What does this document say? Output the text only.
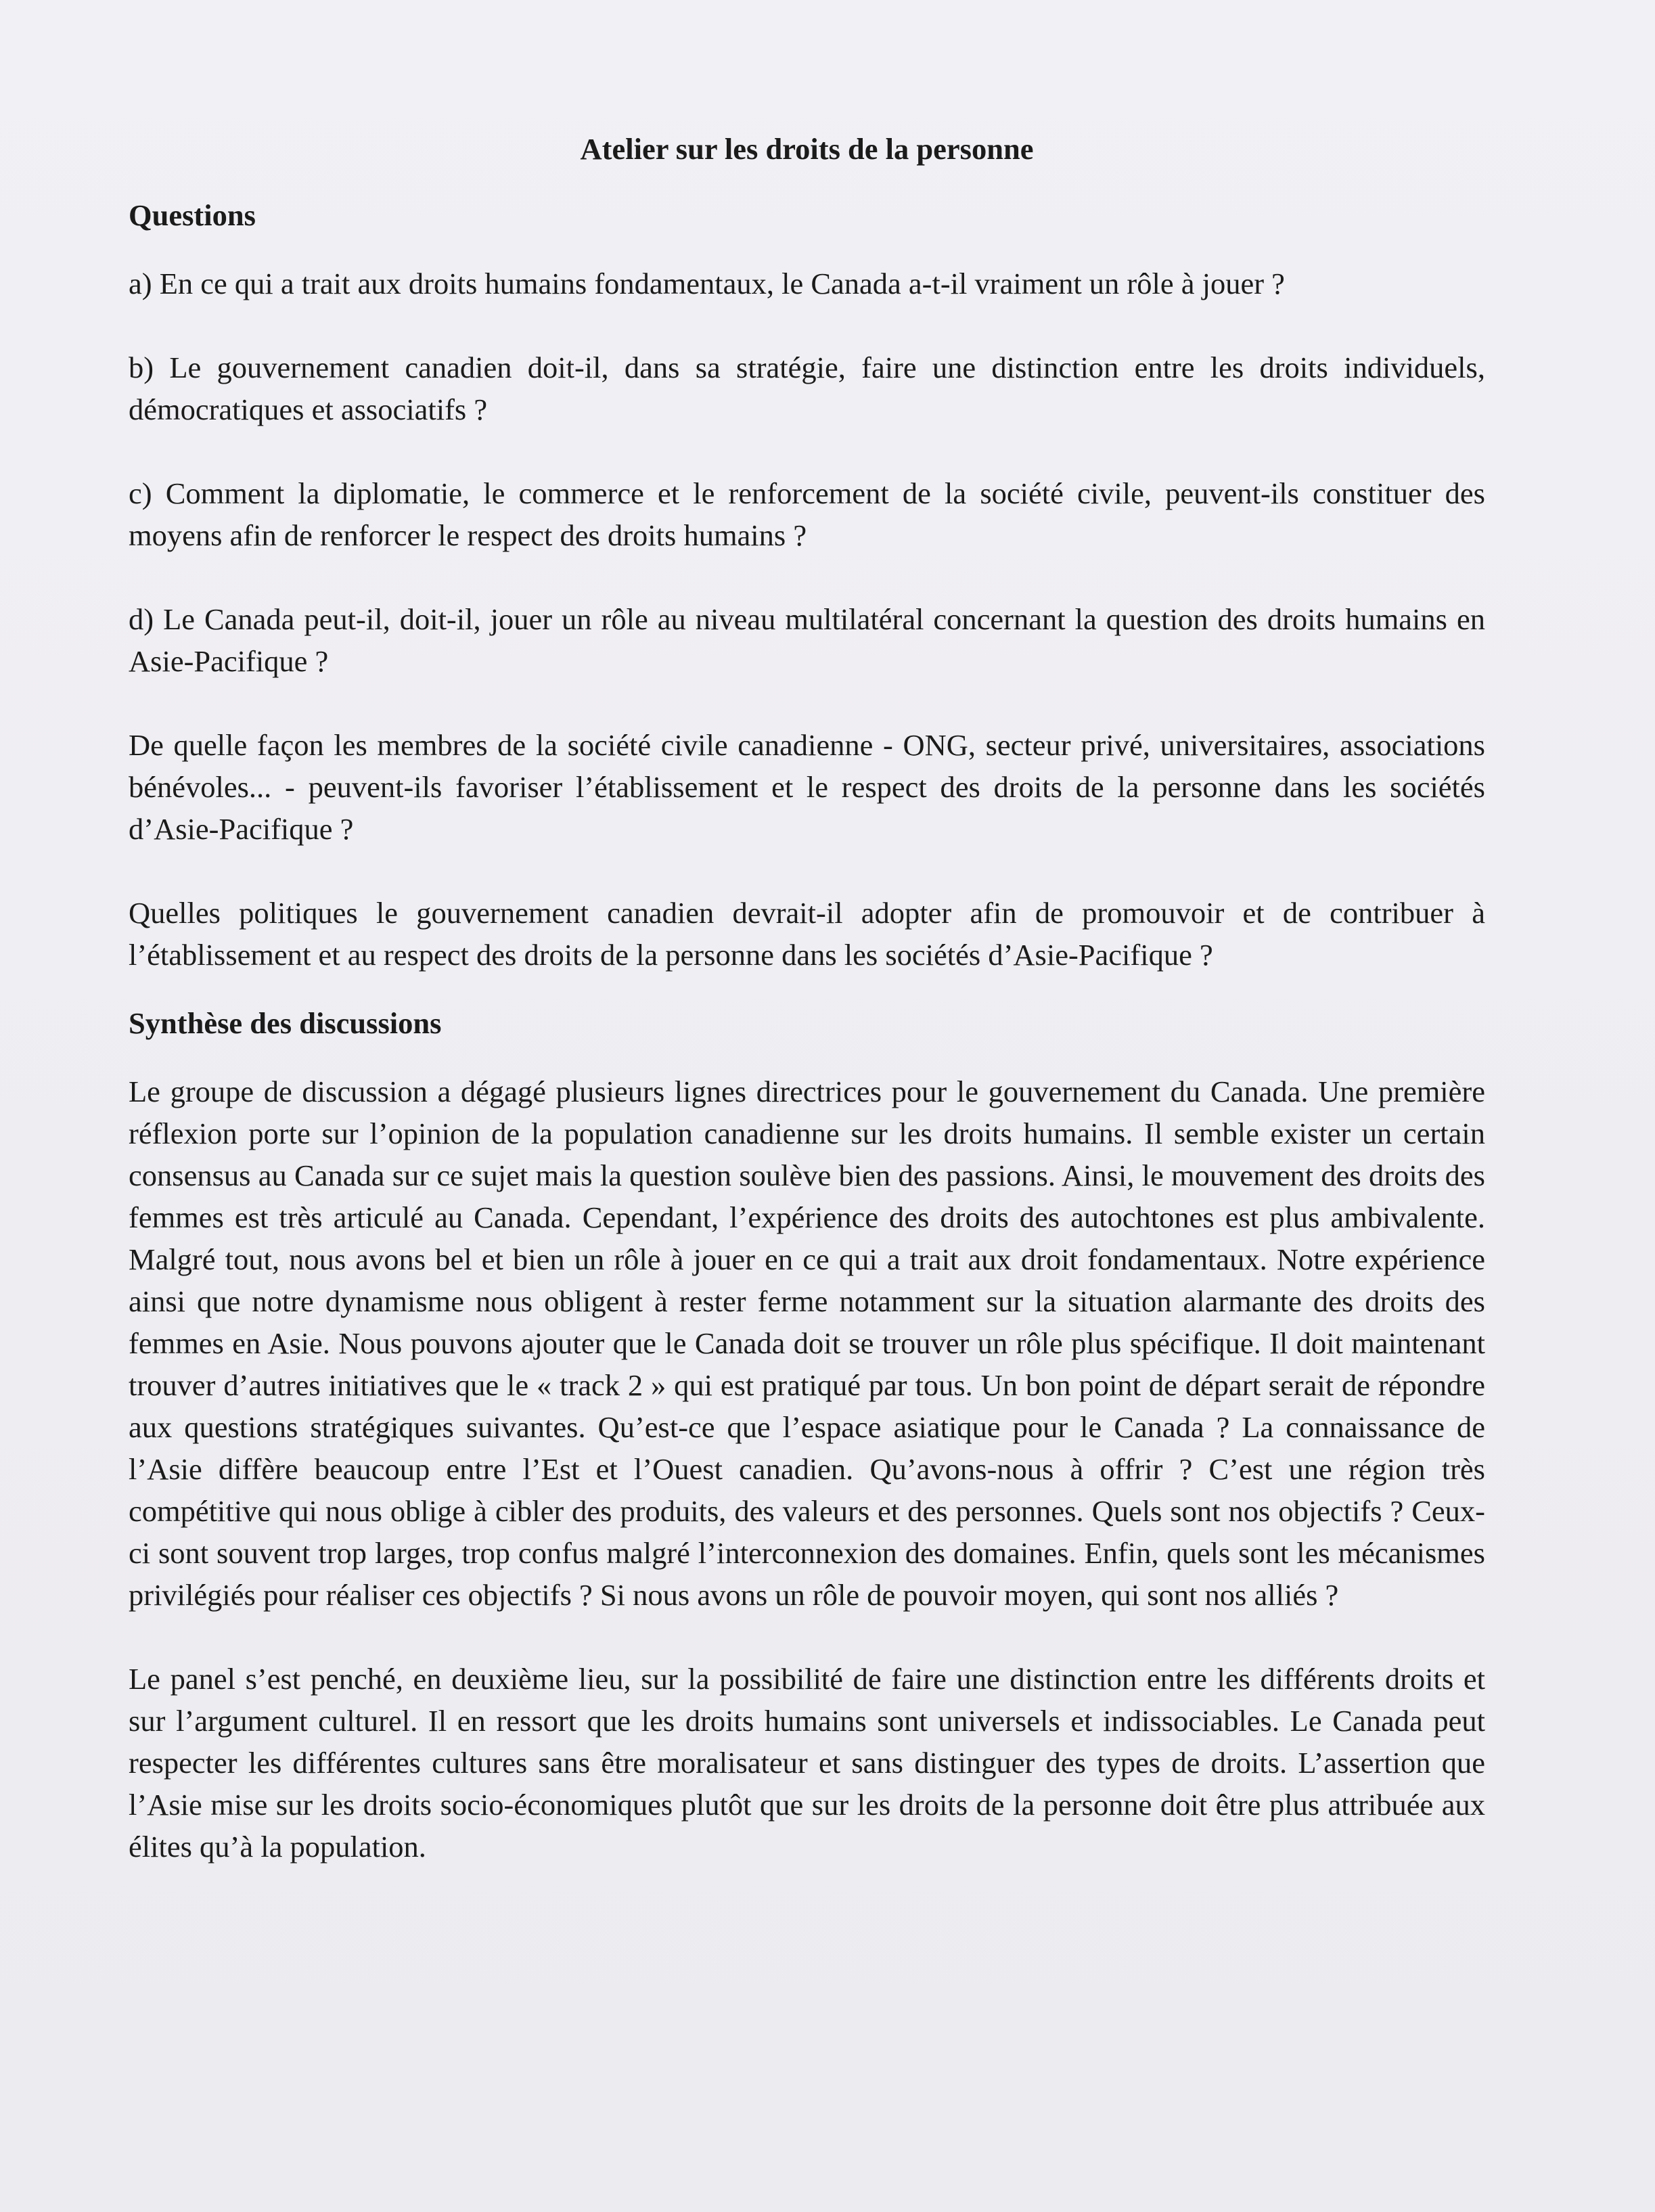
Atelier sur les droits de la personne
Questions

a) En ce qui a trait aux droits humains fondamentaux, le Canada a-t-il vraiment un rôle à jouer ?

b) Le gouvernement canadien doit-il, dans sa stratégie, faire une distinction entre les droits individuels, démocratiques et associatifs ?

c) Comment la diplomatie, le commerce et le renforcement de la société civile, peuvent-ils constituer des moyens afin de renforcer le respect des droits humains ?

d) Le Canada peut-il, doit-il, jouer un rôle au niveau multilatéral concernant la question des droits humains en Asie-Pacifique ?

De quelle façon les membres de la société civile canadienne - ONG, secteur privé, universitaires, associations bénévoles... - peuvent-ils favoriser l’établissement et le respect des droits de la personne dans les sociétés d’Asie-Pacifique ?

Quelles politiques le gouvernement canadien devrait-il adopter afin de promouvoir et de contribuer à l’établissement et au respect des droits de la personne dans les sociétés d’Asie-Pacifique ?

Synthèse des discussions

Le groupe de discussion a dégagé plusieurs lignes directrices pour le gouvernement du Canada. Une première réflexion porte sur l’opinion de la population canadienne sur les droits humains. Il semble exister un certain consensus au Canada sur ce sujet mais la question soulève bien des passions. Ainsi, le mouvement des droits des femmes est très articulé au Canada. Cependant, l’expérience des droits des autochtones est plus ambivalente. Malgré tout, nous avons bel et bien un rôle à jouer en ce qui a trait aux droit fondamentaux. Notre expérience ainsi que notre dynamisme nous obligent à rester ferme notamment sur la situation alarmante des droits des femmes en Asie. Nous pouvons ajouter que le Canada doit se trouver un rôle plus spécifique. Il doit maintenant trouver d’autres initiatives que le « track 2 » qui est pratiqué par tous. Un bon point de départ serait de répondre aux questions stratégiques suivantes. Qu’est-ce que l’espace asiatique pour le Canada ? La connaissance de l’Asie diffère beaucoup entre l’Est et l’Ouest canadien. Qu’avons-nous à offrir ? C’est une région très compétitive qui nous oblige à cibler des produits, des valeurs et des personnes. Quels sont nos objectifs ? Ceux-ci sont souvent trop larges, trop confus malgré l’interconnexion des domaines. Enfin, quels sont les mécanismes privilégiés pour réaliser ces objectifs ? Si nous avons un rôle de pouvoir moyen, qui sont nos alliés ?

Le panel s’est penché, en deuxième lieu, sur la possibilité de faire une distinction entre les différents droits et sur l’argument culturel. Il en ressort que les droits humains sont universels et indissociables. Le Canada peut respecter les différentes cultures sans être moralisateur et sans distinguer des types de droits. L’assertion que l’Asie mise sur les droits socio-économiques plutôt que sur les droits de la personne doit être plus attribuée aux élites qu’à la population.
